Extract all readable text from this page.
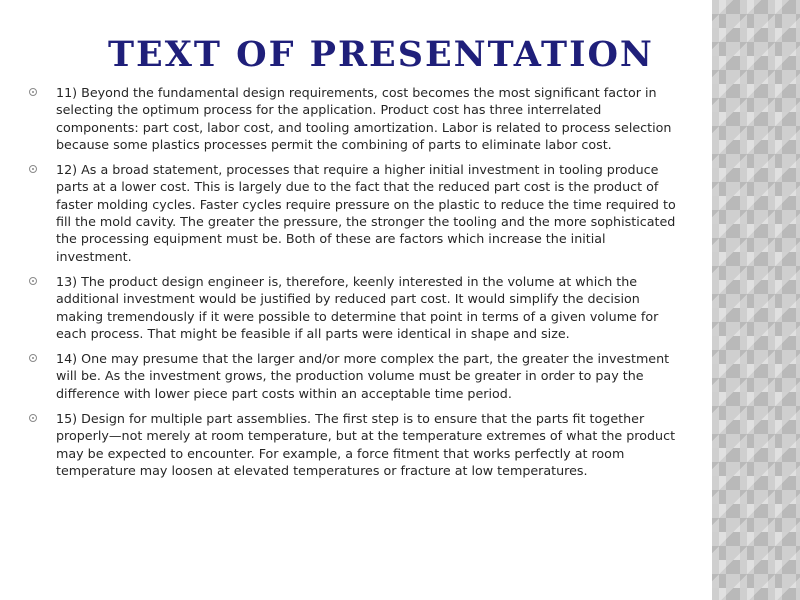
TEXT OF PRESENTATION
11) Beyond the fundamental design requirements, cost becomes the most significant factor in selecting the optimum process for the application. Product cost has three interrelated components: part cost, labor cost, and tooling amortization. Labor is related to process selection because some plastics processes permit the combining of parts to eliminate labor cost.
12) As a broad statement, processes that require a higher initial investment in tooling produce parts at a lower cost. This is largely due to the fact that the reduced part cost is the product of faster molding cycles. Faster cycles require pressure on the plastic to reduce the time required to fill the mold cavity. The greater the pressure, the stronger the tooling and the more sophisticated the processing equipment must be. Both of these are factors which increase the initial investment.
13) The product design engineer is, therefore, keenly interested in the volume at which the additional investment would be justified by reduced part cost. It would simplify the decision making tremendously if it were possible to determine that point in terms of a given volume for each process. That might be feasible if all parts were identical in shape and size.
14) One may presume that the larger and/or more complex the part, the greater the investment will be. As the investment grows, the production volume must be greater in order to pay the difference with lower piece part costs within an acceptable time period.
15) Design for multiple part assemblies. The first step is to ensure that the parts fit together properly—not merely at room temperature, but at the temperature extremes of what the product may be expected to encounter. For example, a force fitment that works perfectly at room temperature may loosen at elevated temperatures or fracture at low temperatures.
